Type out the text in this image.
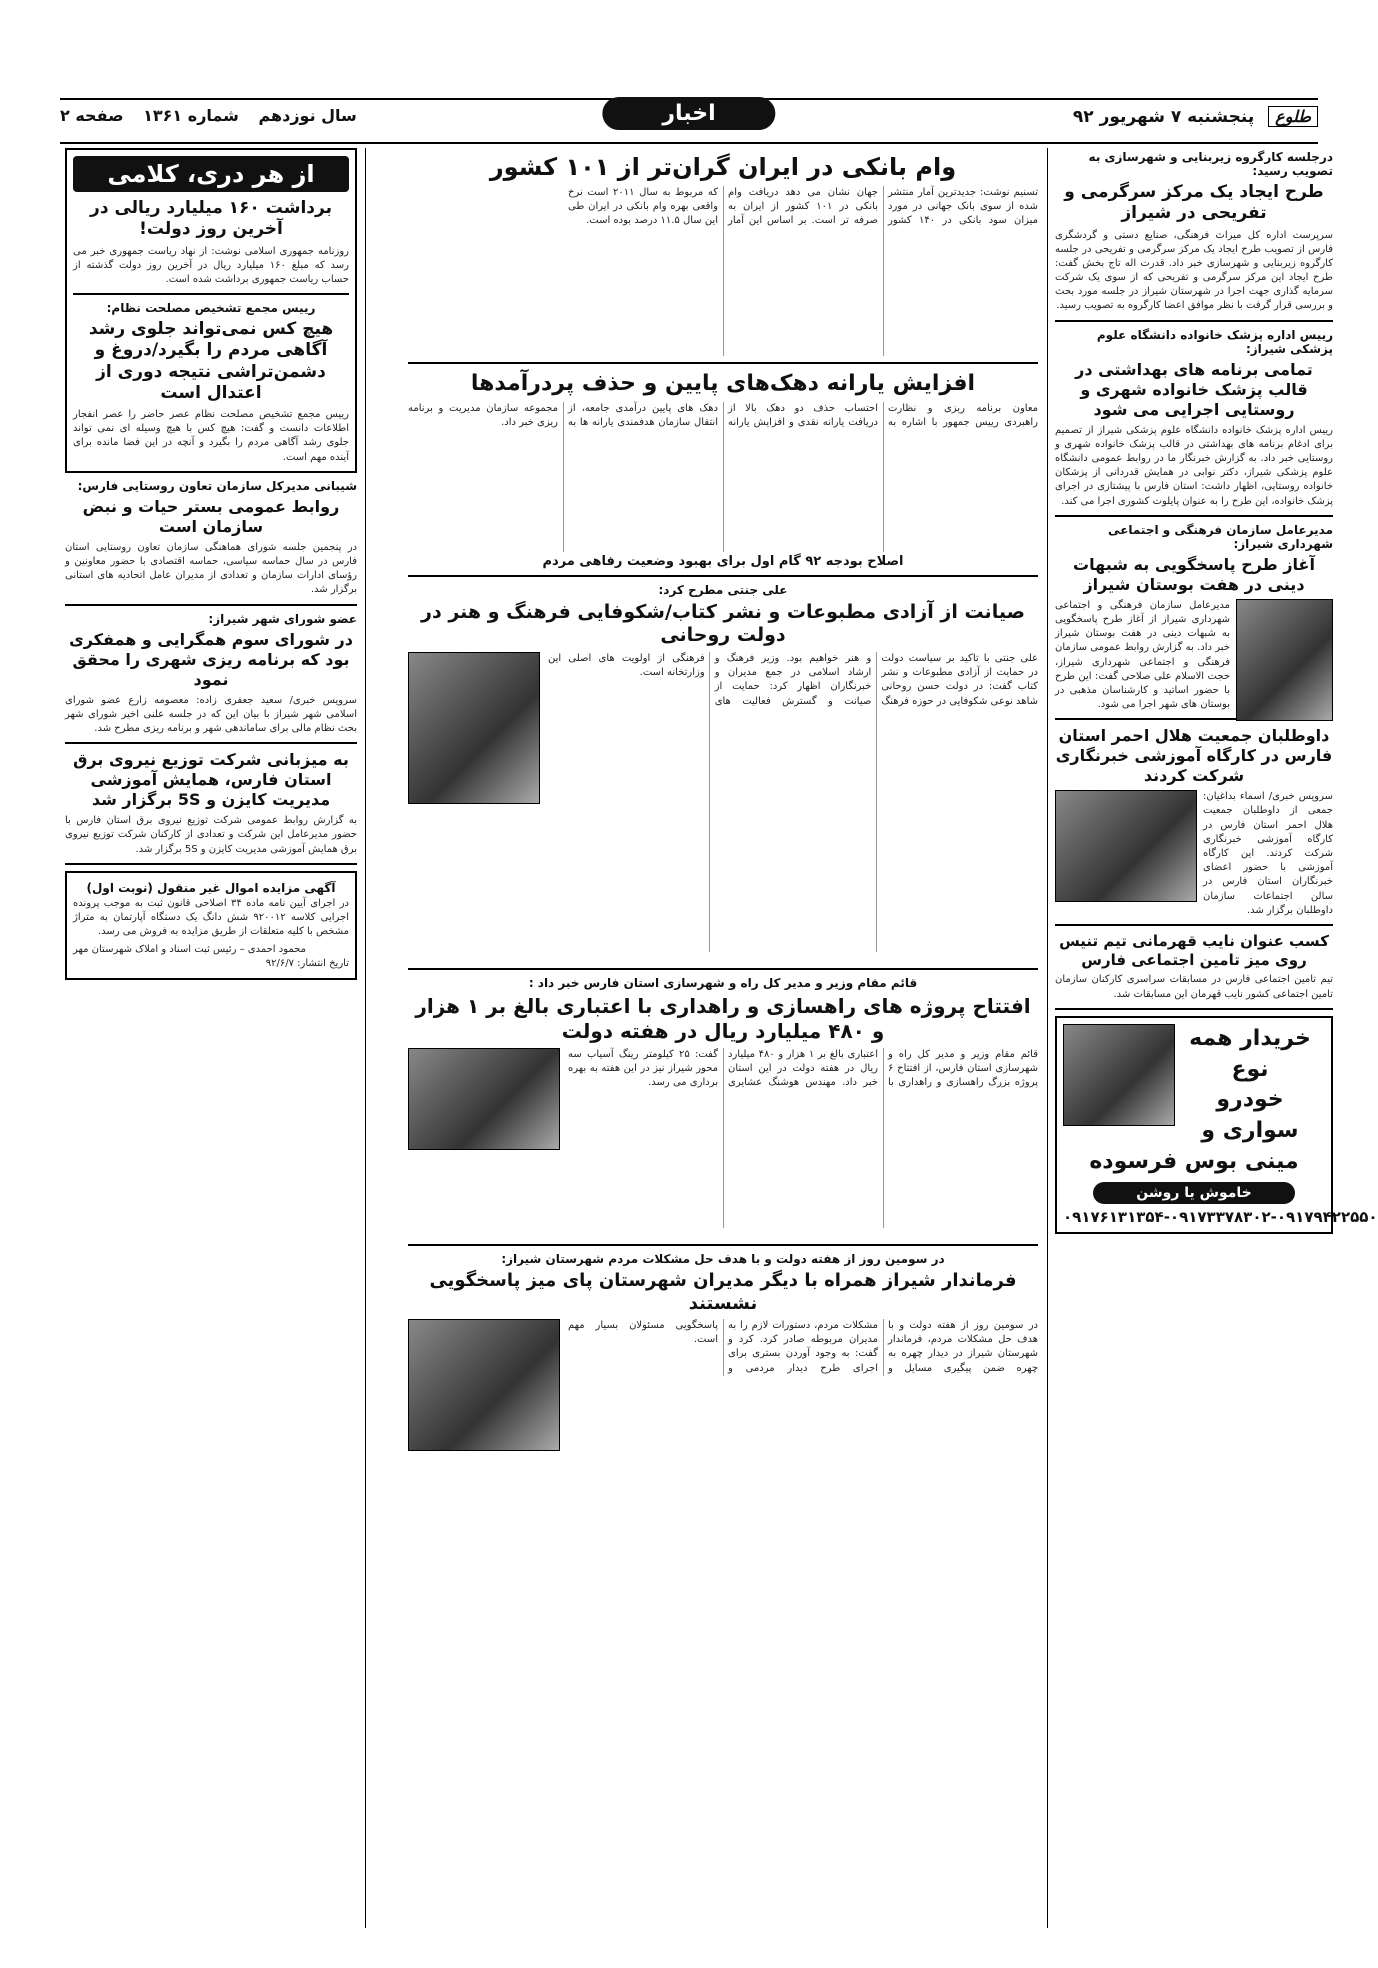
طلوع پنجشنبه ۷ شهریور ۹۲
اخبار
سال نوزدهم شماره ۱۳۶۱ صفحه ۲
درجلسه کارگروه زیربنایی و شهرسازی به تصویب رسید:
طرح ایجاد یک مرکز سرگرمی و تفریحی در شیراز
سرپرست اداره کل میراث فرهنگی، صنایع دستی و گردشگری فارس از تصویب طرح ایجاد یک مرکز سرگرمی و تفریحی در جلسه کارگروه زیربنایی و شهرسازی خبر داد. قدرت اله تاج بخش گفت: طرح ایجاد این مرکز سرگرمی و تفریحی که از سوی یک شرکت سرمایه گذاری جهت اجرا در شهرستان شیراز در جلسه مورد بحث و بررسی قرار گرفت با نظر موافق اعضا کارگروه به تصویب رسید.
رییس اداره پزشک خانواده دانشگاه علوم پزشکی شیراز:
تمامی برنامه های بهداشتی در قالب پزشک خانواده شهری و روستایی اجرایی می شود
رییس اداره پزشک خانواده دانشگاه علوم پزشکی شیراز از تصمیم برای ادغام برنامه های بهداشتی در قالب پزشک خانواده شهری و روستایی خبر داد. به گزارش خبرنگار ما در روابط عمومی دانشگاه علوم پزشکی شیراز، دکتر نوابی در همایش قدردانی از پزشکان خانواده روستایی، اظهار داشت: استان فارس با پیشتازی در اجرای پزشک خانواده، این طرح را به عنوان پایلوت کشوری اجرا می کند.
مدیرعامل سازمان فرهنگی و اجتماعی شهرداری شیراز:
آغاز طرح پاسخگویی به شبهات دینی در هفت بوستان شیراز
مدیرعامل سازمان فرهنگی و اجتماعی شهرداری شیراز از آغاز طرح پاسخگویی به شبهات دینی در هفت بوستان شیراز خبر داد. به گزارش روابط عمومی سازمان فرهنگی و اجتماعی شهرداری شیراز، حجت الاسلام علی صلاحی گفت: این طرح با حضور اساتید و کارشناسان مذهبی در بوستان های شهر اجرا می شود.
داوطلبان جمعیت هلال احمر استان فارس در کارگاه آموزشی خبرنگاری شرکت کردند
سرویس خبری/ اسماء بداغیان: جمعی از داوطلبان جمعیت هلال احمر استان فارس در کارگاه آموزشی خبرنگاری شرکت کردند. این کارگاه آموزشی با حضور اعضای خبرنگاران استان فارس در سالن اجتماعات سازمان داوطلبان برگزار شد.
کسب عنوان نایب قهرمانی تیم تنیس روی میز تامین اجتماعی فارس
تیم تامین اجتماعی فارس در مسابقات سراسری کارکنان سازمان تامین اجتماعی کشور نایب قهرمان این مسابقات شد.
خریدار همه نوع
خودرو سواری و
مینی بوس فرسوده
خاموش یا روشن
۰۹۱۷۶۱۳۱۳۵۴-۰۹۱۷۳۳۷۸۳۰۲-۰۹۱۷۹۴۲۲۵۵۰
وام بانکی در ایران گران‌تر از ۱۰۱ کشور
تسنیم نوشت: جدیدترین آمار منتشر شده از سوی بانک جهانی در مورد میزان سود بانکی در ۱۴۰ کشور جهان نشان می دهد دریافت وام بانکی در ۱۰۱ کشور از ایران به صرفه تر است. بر اساس این آمار که مربوط به سال ۲۰۱۱ است نرخ واقعی بهره وام بانکی در ایران طی این سال ۱۱.۵ درصد بوده است.
افزایش یارانه دهک‌های پایین و حذف پردرآمدها
معاون برنامه ریزی و نظارت راهبردی رییس جمهور با اشاره به احتساب حذف دو دهک بالا از دریافت یارانه نقدی و افزایش یارانه دهک های پایین درآمدی جامعه، از انتقال سازمان هدفمندی یارانه ها به مجموعه سازمان مدیریت و برنامه ریزی خبر داد.
اصلاح بودجه ۹۲ گام اول برای بهبود وضعیت رفاهی مردم
علی جنتی مطرح کرد:
صیانت از آزادی مطبوعات و نشر کتاب/شکوفایی فرهنگ و هنر در دولت روحانی
علی جنتی با تاکید بر سیاست دولت در حمایت از آزادی مطبوعات و نشر کتاب گفت: در دولت حسن روحانی شاهد نوعی شکوفایی در حوزه فرهنگ و هنر خواهیم بود. وزیر فرهنگ و ارشاد اسلامی در جمع مدیران و خبرنگاران اظهار کرد: حمایت از صیانت و گسترش فعالیت های فرهنگی از اولویت های اصلی این وزارتخانه است.
قائم مقام وزیر و مدیر کل راه و شهرسازی استان فارس خبر داد :
افتتاح پروژه های راهسازی و راهداری با اعتباری بالغ بر ۱ هزار و ۴۸۰ میلیارد ریال در هفته دولت
قائم مقام وزیر و مدیر کل راه و شهرسازی استان فارس، از افتتاح ۶ پروژه بزرگ راهسازی و راهداری با اعتباری بالغ بر ۱ هزار و ۴۸۰ میلیارد ریال در هفته دولت در این استان خبر داد. مهندس هوشنگ عشایری گفت: ۲۵ کیلومتر رینگ آسیاب سه محور شیراز نیز در این هفته به بهره برداری می رسد.
در سومین روز از هفته دولت و با هدف حل مشکلات مردم شهرستان شیراز:
فرماندار شیراز همراه با دیگر مدیران شهرستان پای میز پاسخگویی نشستند
در سومین روز از هفته دولت و با هدف حل مشکلات مردم، فرماندار شهرستان شیراز در دیدار چهره به چهره ضمن پیگیری مسایل و مشکلات مردم، دستورات لازم را به مدیران مربوطه صادر کرد. کرد و گفت: به وجود آوردن بستری برای اجرای طرح دیدار مردمی و پاسخگویی مسئولان بسیار مهم است.
از هر دری، کلامی
برداشت ۱۶۰ میلیارد ریالی در آخرین روز دولت!
روزنامه جمهوری اسلامی نوشت: از نهاد ریاست جمهوری خبر می رسد که مبلغ ۱۶۰ میلیارد ریال در آخرین روز دولت گذشته از حساب ریاست جمهوری برداشت شده است.
رییس مجمع تشخیص مصلحت نظام:
هیچ کس نمی‌تواند جلوی رشد آگاهی مردم را بگیرد/دروغ و دشمن‌تراشی نتیجه دوری از اعتدال است
رییس مجمع تشخیص مصلحت نظام عصر حاضر را عصر انفجار اطلاعات دانست و گفت: هیچ کس با هیچ وسیله ای نمی تواند جلوی رشد آگاهی مردم را بگیرد و آنچه در این فضا مانده برای آینده مهم است.
شیبانی مدیرکل سازمان تعاون روستایی فارس:
روابط عمومی بستر حیات و نبض سازمان است
در پنجمین جلسه شورای هماهنگی سازمان تعاون روستایی استان فارس در سال حماسه سیاسی، حماسه اقتصادی با حضور معاونین و رؤسای ادارات سازمان و تعدادی از مدیران عامل اتحادیه های استانی برگزار شد.
عضو شورای شهر شیراز:
در شورای سوم همگرایی و همفکری بود که برنامه ریزی شهری را محقق نمود
سرویس خبری/ سعید جعفری زاده: معصومه زارع عضو شورای اسلامی شهر شیراز با بیان این که در جلسه علنی اخیر شورای شهر بحث نظام مالی برای ساماندهی شهر و برنامه ریزی مطرح شد.
به میزبانی شرکت توزیع نیروی برق استان فارس، همایش آموزشی مدیریت کایزن و 5S برگزار شد
به گزارش روابط عمومی شرکت توزیع نیروی برق استان فارس با حضور مدیرعامل این شرکت و تعدادی از کارکنان شرکت توزیع نیروی برق همایش آموزشی مدیریت کایزن و 5S برگزار شد.
آگهی مزایده اموال غیر منقول (نوبت اول)
در اجرای آیین نامه ماده ۳۴ اصلاحی قانون ثبت به موجب پرونده اجرایی کلاسه ۹۲۰۰۱۲ شش دانگ یک دستگاه آپارتمان به متراژ مشخص با کلیه متعلقات از طریق مزایده به فروش می رسد.
محمود احمدی – رئیس ثبت اسناد و املاک شهرستان مهر
تاریخ انتشار: ۹۲/۶/۷
